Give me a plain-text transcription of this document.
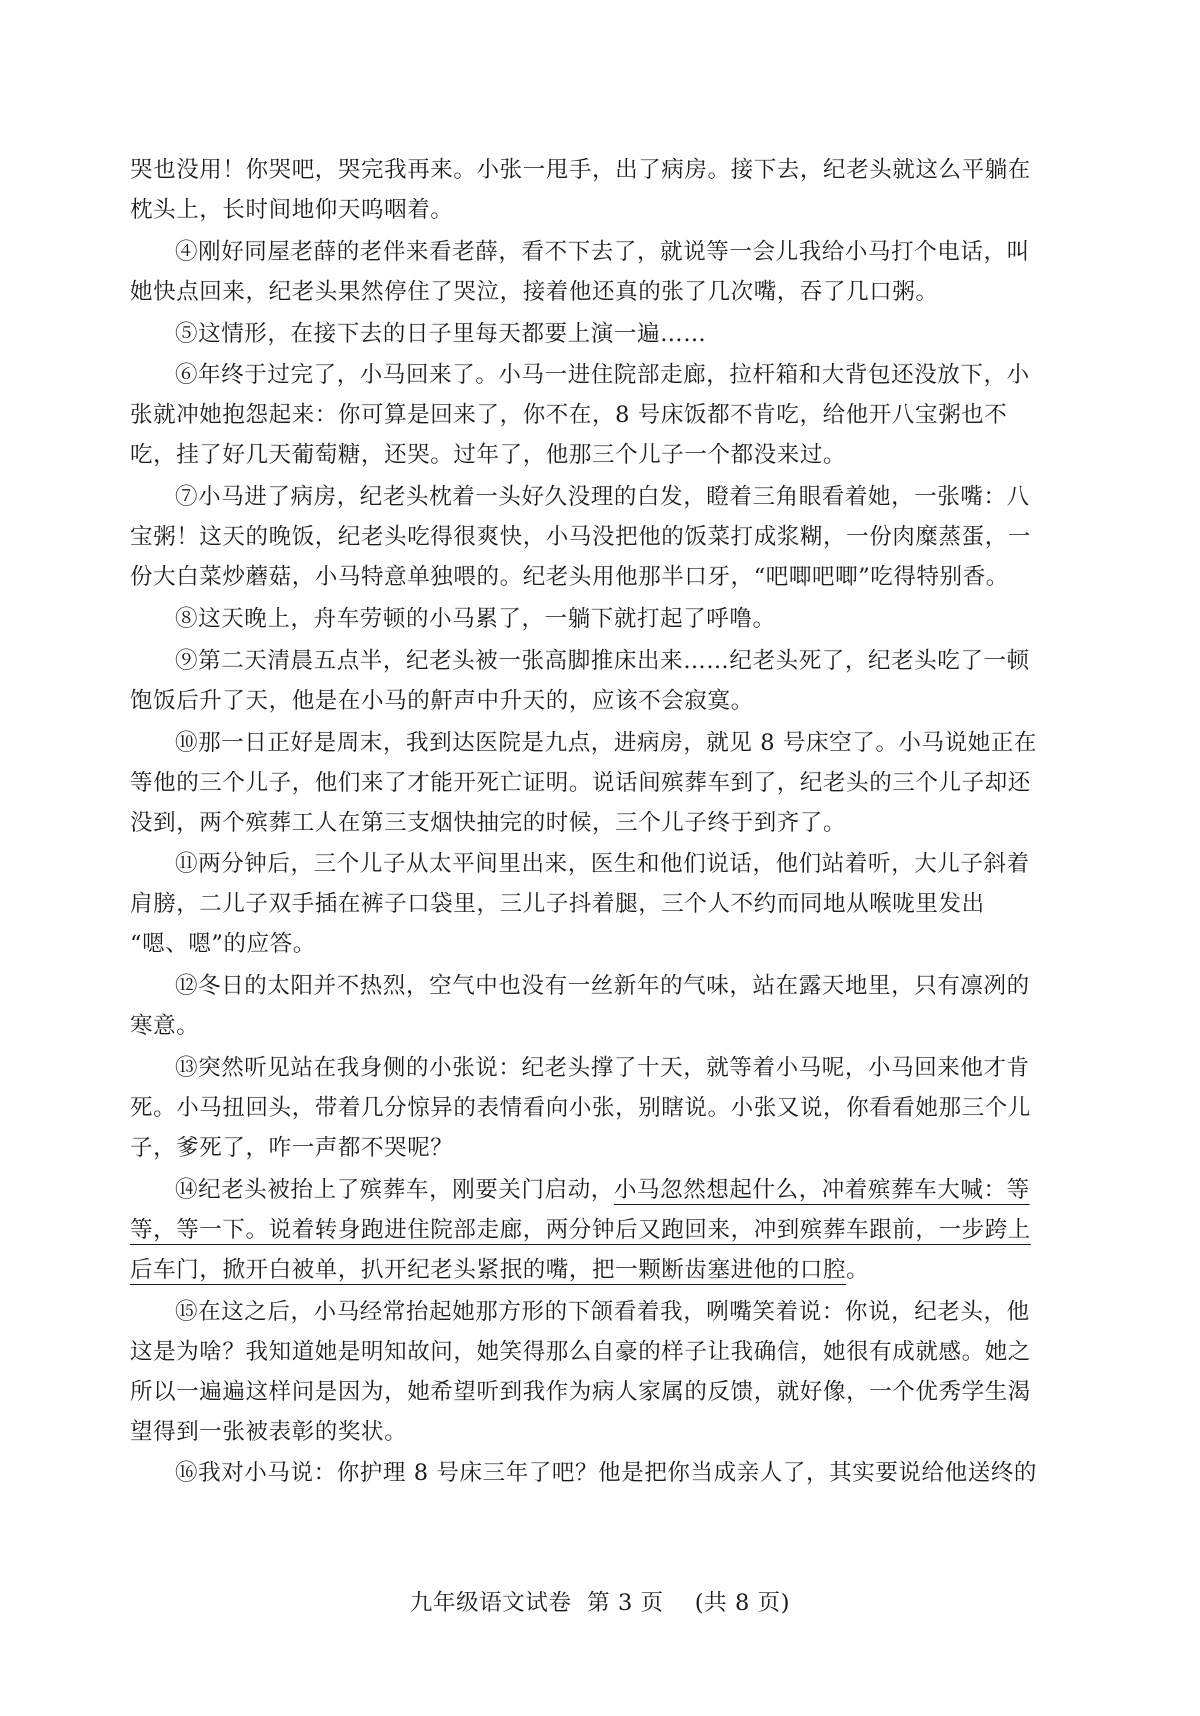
哭也没用！你哭吧，哭完我再来。小张一甩手，出了病房。接下去，纪老头就这么平躺在
枕头上，长时间地仰天呜咽着。
④刚好同屋老薛的老伴来看老薛，看不下去了，就说等一会儿我给小马打个电话，叫
她快点回来，纪老头果然停住了哭泣，接着他还真的张了几次嘴，吞了几口粥。
⑤这情形，在接下去的日子里每天都要上演一遍……
⑥年终于过完了，小马回来了。小马一进住院部走廊，拉杆箱和大背包还没放下，小
张就冲她抱怨起来：你可算是回来了，你不在，8 号床饭都不肯吃，给他开八宝粥也不
吃，挂了好几天葡萄糖，还哭。过年了，他那三个儿子一个都没来过。
⑦小马进了病房，纪老头枕着一头好久没理的白发，瞪着三角眼看着她，一张嘴：八
宝粥！这天的晚饭，纪老头吃得很爽快，小马没把他的饭菜打成浆糊，一份肉糜蒸蛋，一
份大白菜炒蘑菇，小马特意单独喂的。纪老头用他那半口牙，“吧唧吧唧”吃得特别香。
⑧这天晚上，舟车劳顿的小马累了，一躺下就打起了呼噜。
⑨第二天清晨五点半，纪老头被一张高脚推床出来……纪老头死了，纪老头吃了一顿
饱饭后升了天，他是在小马的鼾声中升天的，应该不会寂寞。
⑩那一日正好是周末，我到达医院是九点，进病房，就见 8 号床空了。小马说她正在
等他的三个儿子，他们来了才能开死亡证明。说话间殡葬车到了，纪老头的三个儿子却还
没到，两个殡葬工人在第三支烟快抽完的时候，三个儿子终于到齐了。
⑪两分钟后，三个儿子从太平间里出来，医生和他们说话，他们站着听，大儿子斜着
肩膀，二儿子双手插在裤子口袋里，三儿子抖着腿，三个人不约而同地从喉咙里发出
“嗯、嗯”的应答。
⑫冬日的太阳并不热烈，空气中也没有一丝新年的气味，站在露天地里，只有凛冽的
寒意。
⑬突然听见站在我身侧的小张说：纪老头撑了十天，就等着小马呢，小马回来他才肯
死。小马扭回头，带着几分惊异的表情看向小张，别瞎说。小张又说，你看看她那三个儿
子，爹死了，咋一声都不哭呢？
⑭纪老头被抬上了殡葬车，刚要关门启动，小马忽然想起什么，冲着殡葬车大喊：等
等，等一下。说着转身跑进住院部走廊，两分钟后又跑回来，冲到殡葬车跟前，一步跨上
后车门，掀开白被单，扒开纪老头紧抿的嘴，把一颗断齿塞进他的口腔。
⑮在这之后，小马经常抬起她那方形的下颌看着我，咧嘴笑着说：你说，纪老头，他
这是为啥？我知道她是明知故问，她笑得那么自豪的样子让我确信，她很有成就感。她之
所以一遍遍这样问是因为，她希望听到我作为病人家属的反馈，就好像，一个优秀学生渴
望得到一张被表彰的奖状。
⑯我对小马说：你护理 8 号床三年了吧？他是把你当成亲人了，其实要说给他送终的
九年级语文试卷  第 3 页    (共 8 页)
